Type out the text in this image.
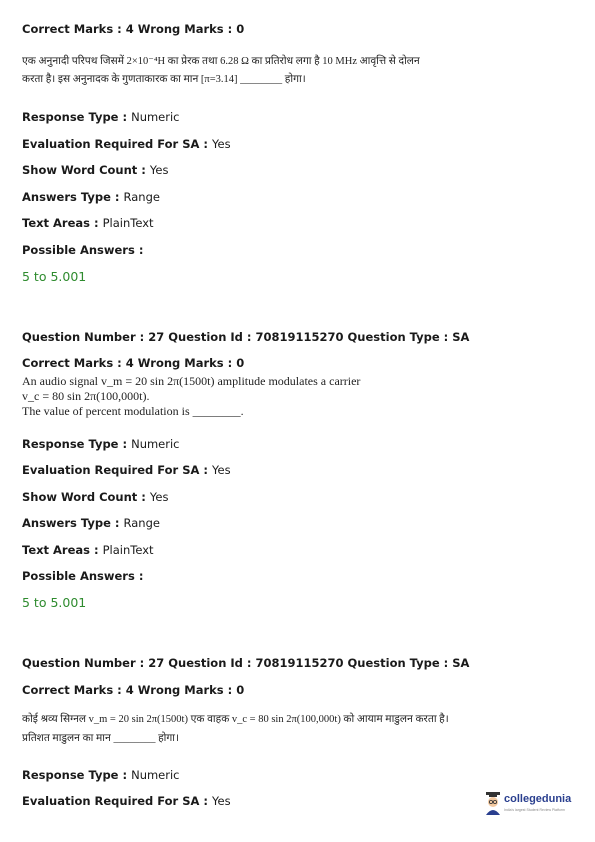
Correct Marks : 4 Wrong Marks : 0
एक अनुनादी परिपथ जिसमें 2×10⁻⁴H का प्रेरक तथा 6.28 Ω का प्रतिरोध लगा है 10 MHz आवृत्ति से दोलन
करता है। इस अनुनादक के गुणताकारक का मान [π=3.14] ________ होगा।
Response Type : Numeric
Evaluation Required For SA : Yes
Show Word Count : Yes
Answers Type : Range
Text Areas : PlainText
Possible Answers :
5 to 5.001
Question Number : 27 Question Id : 70819115270 Question Type : SA
Correct Marks : 4 Wrong Marks : 0
An audio signal v_m = 20 sin 2π(1500t) amplitude modulates a carrier
v_c = 80 sin 2π(100,000t).
The value of percent modulation is ________.
Response Type : Numeric
Evaluation Required For SA : Yes
Show Word Count : Yes
Answers Type : Range
Text Areas : PlainText
Possible Answers :
5 to 5.001
Question Number : 27 Question Id : 70819115270 Question Type : SA
Correct Marks : 4 Wrong Marks : 0
कोई श्रव्य सिग्नल v_m = 20 sin 2π(1500t) एक वाहक v_c = 80 sin 2π(100,000t) को आयाम माडुलन करता है।
प्रतिशत माडुलन का मान ________ होगा।
Response Type : Numeric
Evaluation Required For SA : Yes	collegedunia
India's largest Student Review Platform
